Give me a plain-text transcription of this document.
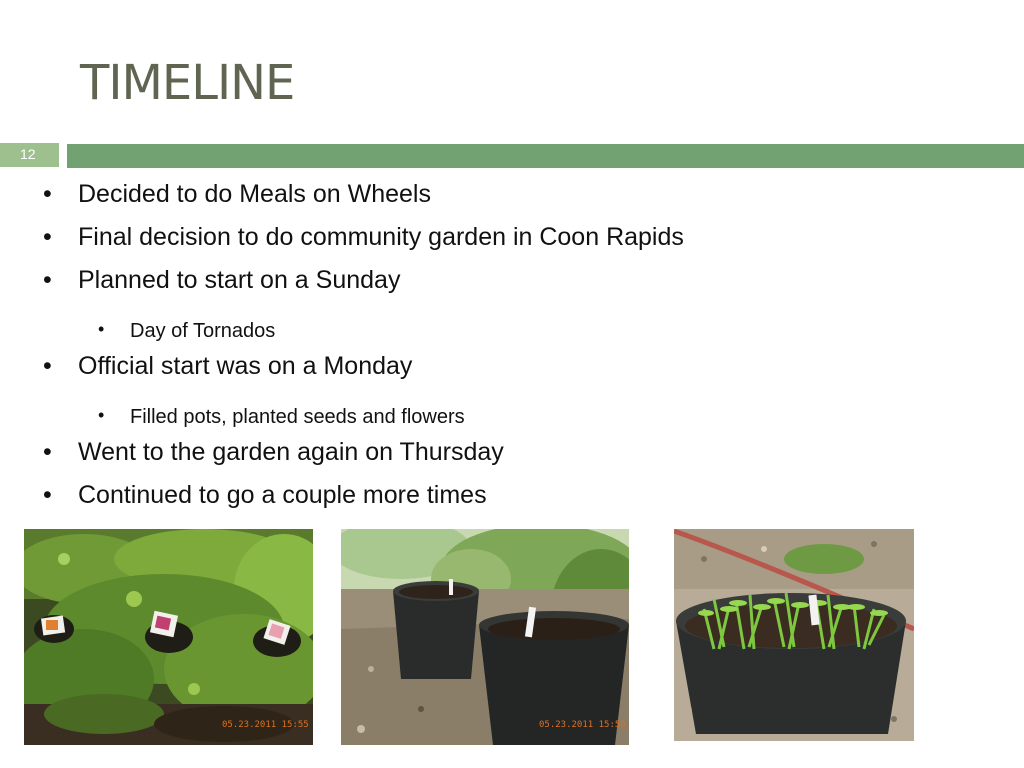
TIMELINE
12
• Decided to do Meals on Wheels
• Final decision to do community garden in Coon Rapids
• Planned to start on a Sunday
• Day of Tornados
• Official start was on a Monday
• Filled pots, planted seeds and flowers
• Went to the garden again on Thursday
• Continued to go a couple more times
05.23.2011 15:55	05.23.2011 15:56
